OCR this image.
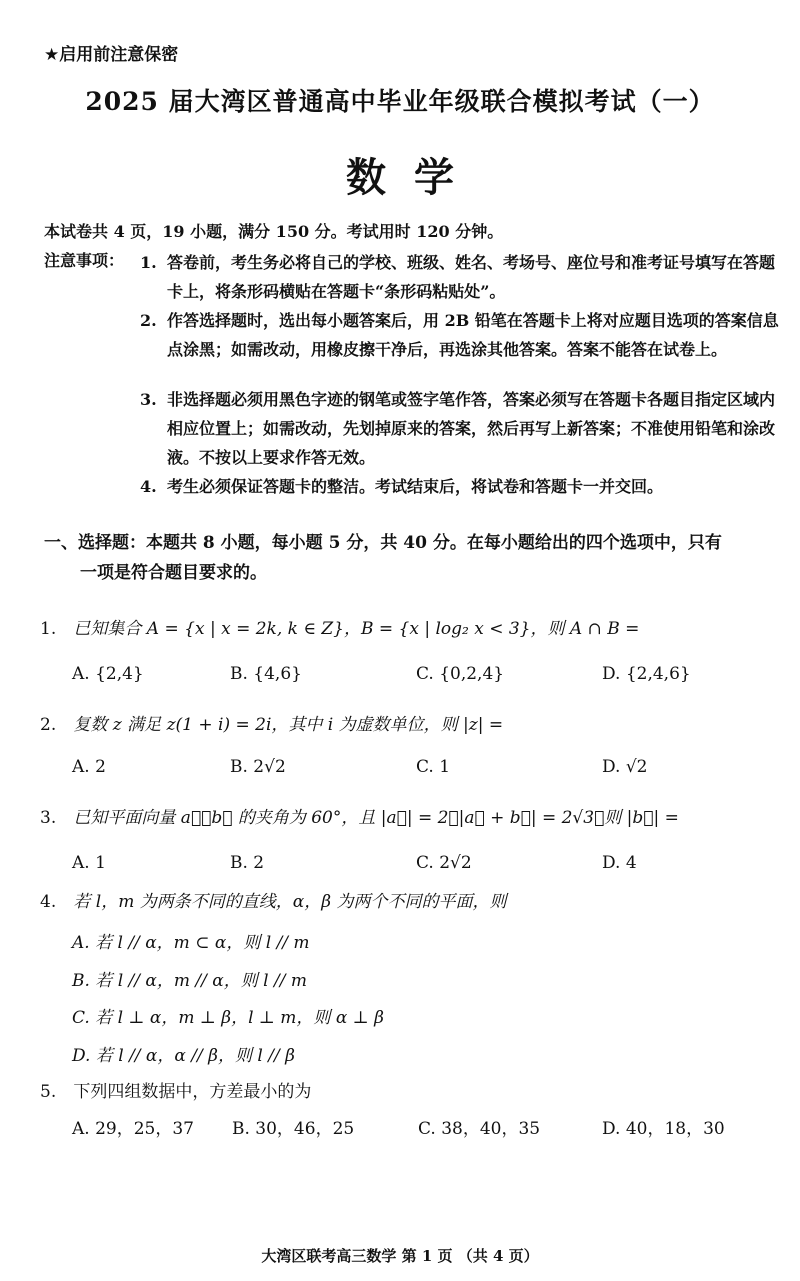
★启用前注意保密
2025 届大湾区普通高中毕业年级联合模拟考试（一）
数学
本试卷共 4 页，19 小题，满分 150 分。考试用时 120 分钟。
注意事项： 1. 答卷前，考生务必将自己的学校、班级、姓名、考场号、座位号和准考证号填写在答题卡上，将条形码横贴在答题卡“条形码粘贴处”。
2. 作答选择题时，选出每小题答案后，用 2B 铅笔在答题卡上将对应题目选项的答案信息点涂黑；如需改动，用橡皮擦干净后，再选涂其他答案。答案不能答在试卷上。
3. 非选择题必须用黑色字迹的钢笔或签字笔作答，答案必须写在答题卡各题目指定区域内相应位置上；如需改动，先划掉原来的答案，然后再写上新答案；不准使用铅笔和涂改液。不按以上要求作答无效。
4. 考生必须保证答题卡的整洁。考试结束后，将试卷和答题卡一并交回。
一、选择题：本题共 8 小题，每小题 5 分，共 40 分。在每小题给出的四个选项中，只有
一项是符合题目要求的。
1. 已知集合 A = {x | x = 2k, k ∈ Z}，B = {x | log₂ x < 3}，则 A ∩ B =
A. {2,4}	B. {4,6}	C. {0,2,4}	D. {2,4,6}
2. 复数 z 满足 z(1 + i) = 2i，其中 i 为虚数单位，则 |z| =
A. 2	B. 2√2	C. 1	D. √2
3. 已知平面向量 a⃗，b⃗ 的夹角为 60°，且 |a⃗| = 2，|a⃗ + b⃗| = 2√3，则 |b⃗| =
A. 1	B. 2	C. 2√2	D. 4
4. 若 l，m 为两条不同的直线，α，β 为两个不同的平面，则
A. 若 l // α，m ⊂ α，则 l // m
B. 若 l // α，m // α，则 l // m
C. 若 l ⊥ α，m ⊥ β，l ⊥ m，则 α ⊥ β
D. 若 l // α，α // β，则 l // β
5. 下列四组数据中，方差最小的为
A. 29，25，37 B. 30，46，25	C. 38，40，35	D. 40，18，30
大湾区联考高三数学 第 1 页 （共 4 页）
